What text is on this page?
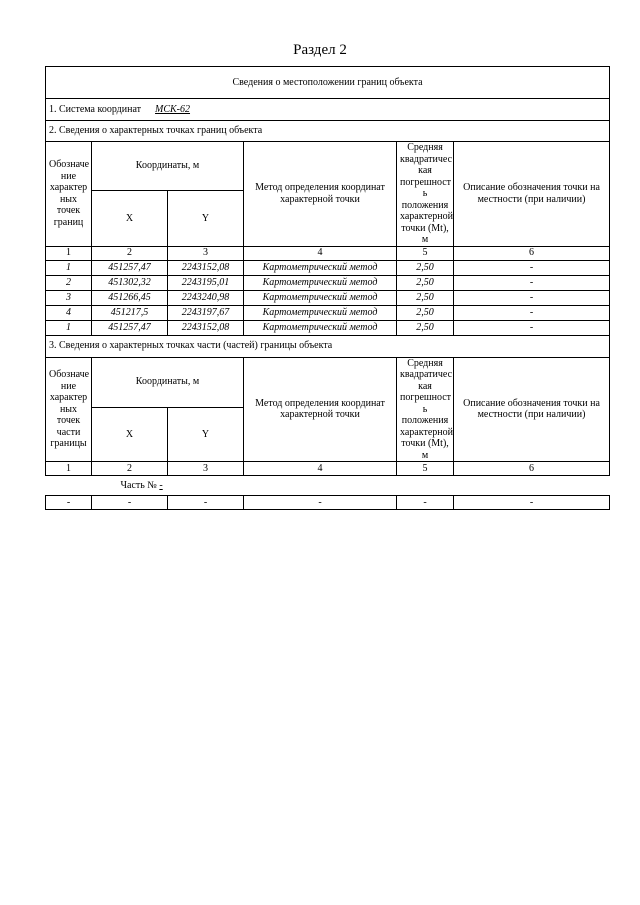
Раздел 2
Сведения о местоположении границ объекта					
1. Система координат МСК-62					
2. Сведения о характерных точках границ объекта					
Обозначе ние характер ных точек границ	Координаты, м		Метод определения координат характерной точки	Средняя квадратичес кая погрешност ь положения характерной точки (Mt), м	Описание обозначения точки на местности (при наличии)
	X	Y			
1	2	3	4	5	6
1	451257,47	2243152,08	Картометрический метод	2,50	-
2	451302,32	2243195,01	Картометрический метод	2,50	-
3	451266,45	2243240,98	Картометрический метод	2,50	-
4	451217,5	2243197,67	Картометрический метод	2,50	-
1	451257,47	2243152,08	Картометрический метод	2,50	-
3. Сведения о характерных точках части (частей) границы объекта					
Обозначе ние характер ных точек части границы	Координаты, м		Метод определения координат характерной точки	Средняя квадратичес кая погрешност ь положения характерной точки (Mt), м	Описание обозначения точки на местности (при наличии)
	X	Y			
1	2	3	4	5	6
Часть № -					
-	-	-	-	-	-
